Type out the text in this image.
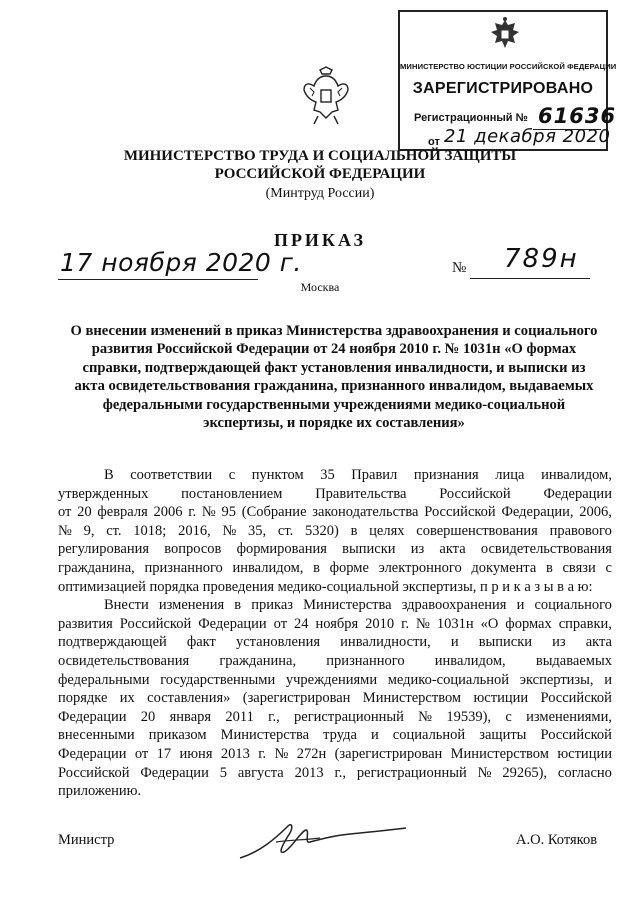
МИНИСТЕРСТВО ЮСТИЦИИ РОССИЙСКОЙ ФЕДЕРАЦИИ
ЗАРЕГИСТРИРОВАНО
Регистрационный № 61636
от 21 декабря 2020
МИНИСТЕРСТВО ТРУДА И СОЦИАЛЬНОЙ ЗАЩИТЫ
РОССИЙСКОЙ ФЕДЕРАЦИИ
(Минтруд России)
ПРИКАЗ
17 ноября 2020 г.	№ 789н
Москва
О внесении изменений в приказ Министерства здравоохранения и социального
развития Российской Федерации от 24 ноября 2010 г. № 1031н «О формах
справки, подтверждающей факт установления инвалидности, и выписки из
акта освидетельствования гражданина, признанного инвалидом, выдаваемых
федеральными государственными учреждениями медико-социальной
экспертизы, и порядке их составления»
В соответствии с пунктом 35 Правил признания лица инвалидом,
утвержденных постановлением Правительства Российской Федерации
от 20 февраля 2006 г. № 95 (Собрание законодательства Российской Федерации, 2006,
№ 9, ст. 1018; 2016, № 35, ст. 5320) в целях совершенствования правового
регулирования вопросов формирования выписки из акта освидетельствования
гражданина, признанного инвалидом, в форме электронного документа в связи с
оптимизацией порядка проведения медико-социальной экспертизы, п р и к а з ы в а ю:
Внести изменения в приказ Министерства здравоохранения и социального
развития Российской Федерации от 24 ноября 2010 г. № 1031н «О формах справки,
подтверждающей факт установления инвалидности, и выписки из акта
освидетельствования гражданина, признанного инвалидом, выдаваемых
федеральными государственными учреждениями медико-социальной экспертизы, и
порядке их составления» (зарегистрирован Министерством юстиции Российской
Федерации 20 января 2011 г., регистрационный № 19539), с изменениями,
внесенными приказом Министерства труда и социальной защиты Российской
Федерации от 17 июня 2013 г. № 272н (зарегистрирован Министерством юстиции
Российской Федерации 5 августа 2013 г., регистрационный № 29265), согласно
приложению.
Министр	А.О. Котяков
